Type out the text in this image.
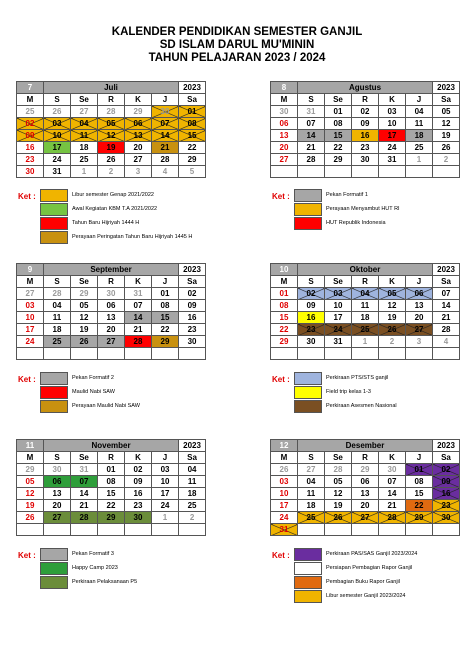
KALENDER PENDIDIKAN SEMESTER GANJIL
SD ISLAM DARUL MU'MININ
TAHUN PELAJARAN 2023 / 2024
7	Juli					2023
M	S	Se	R	K	J	Sa
25	26	27	28	29	30	01
02	03	04	05	06	07	08
09	10	11	12	13	14	15
16	17	18	19	20	21	22
23	24	25	26	27	28	29
30	31	1	2	3	4	5
8	Agustus					2023
M	S	Se	R	K	J	Sa
30	31	01	02	03	04	05
06	07	08	09	10	11	12
13	14	15	16	17	18	19
20	21	22	23	24	25	26
27	28	29	30	31	1	2

9	September					2023
M	S	Se	R	K	J	Sa
27	28	29	30	31	01	02
03	04	05	06	07	08	09
10	11	12	13	14	15	16
17	18	19	20	21	22	23
24	25	26	27	28	29	30

10	Oktober					2023
M	S	Se	R	K	J	Sa
01	02	03	04	05	06	07
08	09	10	11	12	13	14
15	16	17	18	19	20	21
22	23	24	25	26	27	28
29	30	31	1	2	3	4

11	November					2023
M	S	Se	R	K	J	Sa
29	30	31	01	02	03	04
05	06	07	08	09	10	11
12	13	14	15	16	17	18
19	20	21	22	23	24	25
26	27	28	29	30	1	2

12	Desember					2023
M	S	Se	R	K	J	Sa
26	27	28	29	30	01	02
03	04	05	06	07	08	09
10	11	12	13	14	15	16
17	18	19	20	21	22	23
24	25	26	27	28	29	30
31						
Ket :	Libur semester Genap 2021/2022
Awal Kegiatan KBM T.A 2021/2022
Tahun Baru Hijriyah 1444 H
Perayaan Peringatan Tahun Baru Hijriyah 1445 H
Ket :	Pekan Formatif 1
Perayaan Menyambut HUT RI
HUT Republik Indonesia
Ket :	Pekan Formatif 2
Maulid Nabi SAW
Perayaan Maulid Nabi SAW
Ket :	Perkiraan PTS/STS ganjil
Field trip kelas 1-3
Perkiraan Asesmen Nasional
Ket :	Pekan Formatif 3
Happy Camp 2023
Perkiraan Pelaksanaan P5
Ket :	Perkiraan PAS/SAS Ganjil 2023/2024
Persiapan Pembagian Rapor Ganjil
Pembagian Buku Rapor Ganjil
Libur semester Ganjil 2023/2024
